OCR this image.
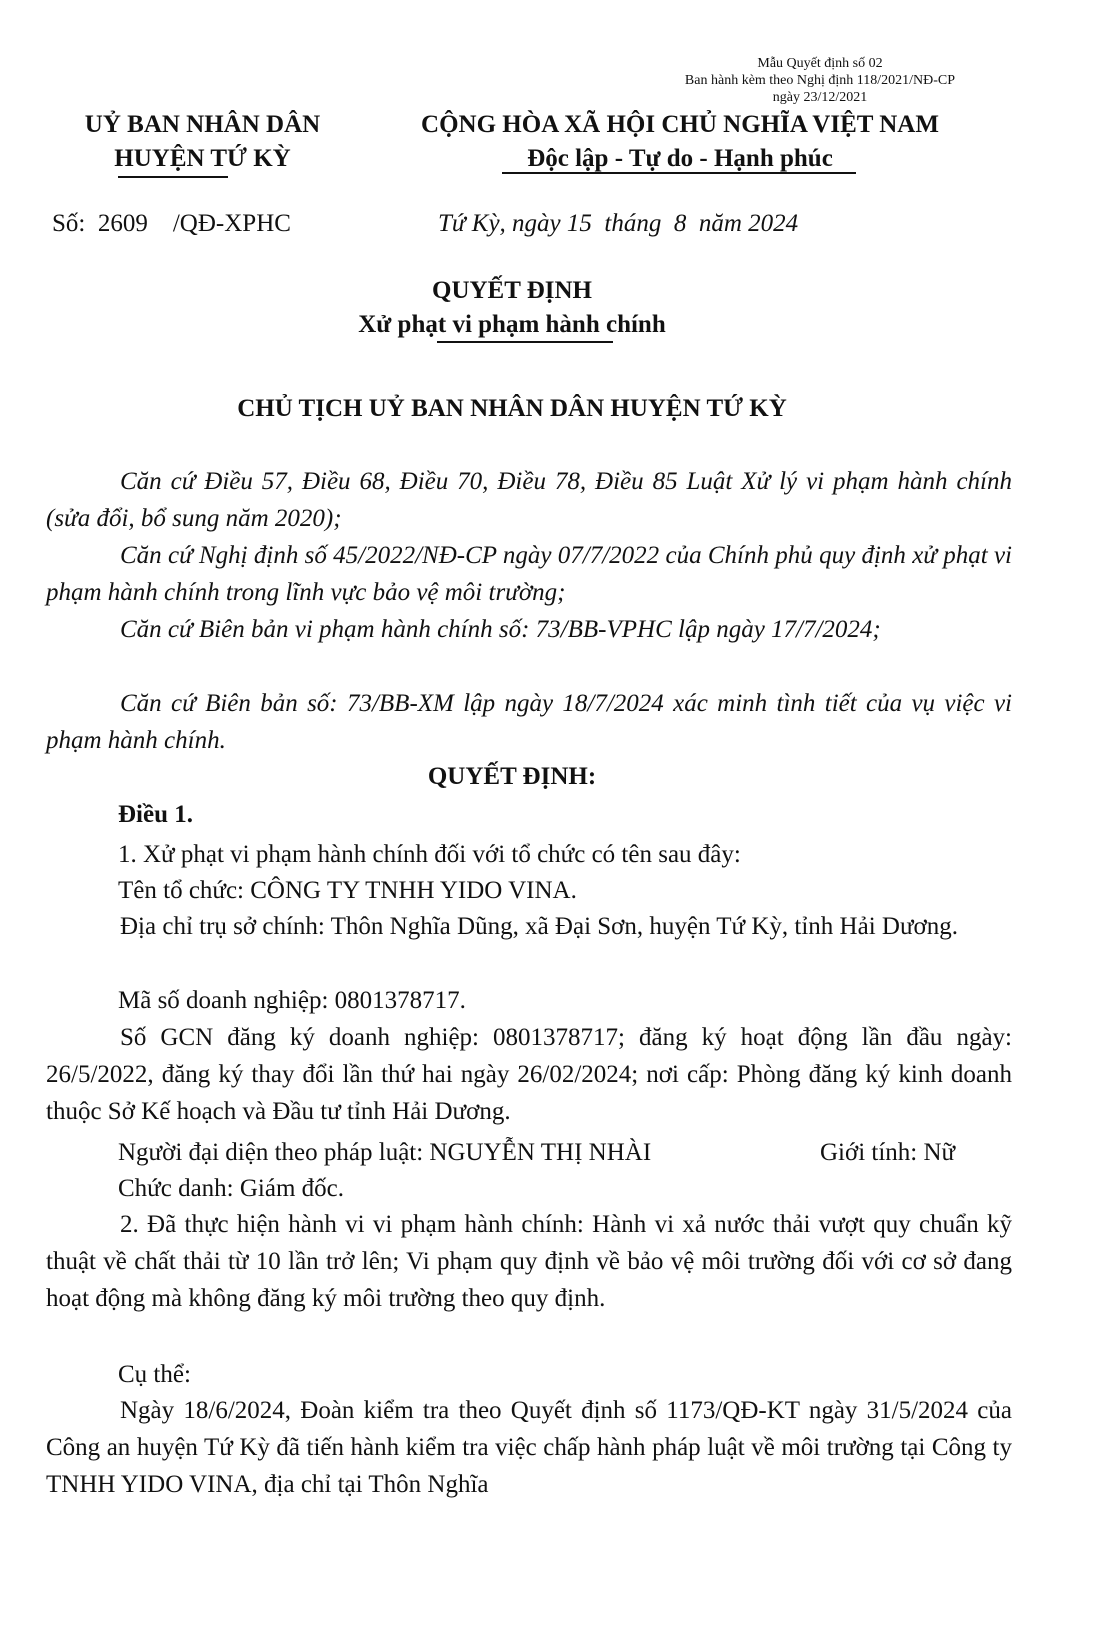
Mẫu Quyết định số 02
Ban hành kèm theo Nghị định 118/2021/NĐ-CP
ngày 23/12/2021
UỶ BAN NHÂN DÂN
HUYỆN TỨ KỲ
CỘNG HÒA XÃ HỘI CHỦ NGHĨA VIỆT NAM
Độc lập - Tự do - Hạnh phúc
Số: 2609 /QĐ-XPHC	Tứ Kỳ, ngày 15 tháng 8 năm 2024
QUYẾT ĐỊNH
Xử phạt vi phạm hành chính
CHỦ TỊCH UỶ BAN NHÂN DÂN HUYỆN TỨ KỲ
Căn cứ Điều 57, Điều 68, Điều 70, Điều 78, Điều 85 Luật Xử lý vi phạm hành chính (sửa đổi, bổ sung năm 2020);
Căn cứ Nghị định số 45/2022/NĐ-CP ngày 07/7/2022 của Chính phủ quy định xử phạt vi phạm hành chính trong lĩnh vực bảo vệ môi trường;
Căn cứ Biên bản vi phạm hành chính số: 73/BB-VPHC lập ngày 17/7/2024;
Căn cứ Biên bản số: 73/BB-XM lập ngày 18/7/2024 xác minh tình tiết của vụ việc vi phạm hành chính.
QUYẾT ĐỊNH:
Điều 1.
1. Xử phạt vi phạm hành chính đối với tổ chức có tên sau đây:
Tên tổ chức: CÔNG TY TNHH YIDO VINA.
Địa chỉ trụ sở chính: Thôn Nghĩa Dũng, xã Đại Sơn, huyện Tứ Kỳ, tỉnh Hải Dương.
Mã số doanh nghiệp: 0801378717.
Số GCN đăng ký doanh nghiệp: 0801378717; đăng ký hoạt động lần đầu ngày: 26/5/2022, đăng ký thay đổi lần thứ hai ngày 26/02/2024; nơi cấp: Phòng đăng ký kinh doanh thuộc Sở Kế hoạch và Đầu tư tỉnh Hải Dương.
Người đại diện theo pháp luật: NGUYỄN THỊ NHÀI	Giới tính: Nữ
Chức danh: Giám đốc.
2. Đã thực hiện hành vi vi phạm hành chính: Hành vi xả nước thải vượt quy chuẩn kỹ thuật về chất thải từ 10 lần trở lên; Vi phạm quy định về bảo vệ môi trường đối với cơ sở đang hoạt động mà không đăng ký môi trường theo quy định.
Cụ thể:
Ngày 18/6/2024, Đoàn kiểm tra theo Quyết định số 1173/QĐ-KT ngày 31/5/2024 của Công an huyện Tứ Kỳ đã tiến hành kiểm tra việc chấp hành pháp luật về môi trường tại Công ty TNHH YIDO VINA, địa chỉ tại Thôn Nghĩa
